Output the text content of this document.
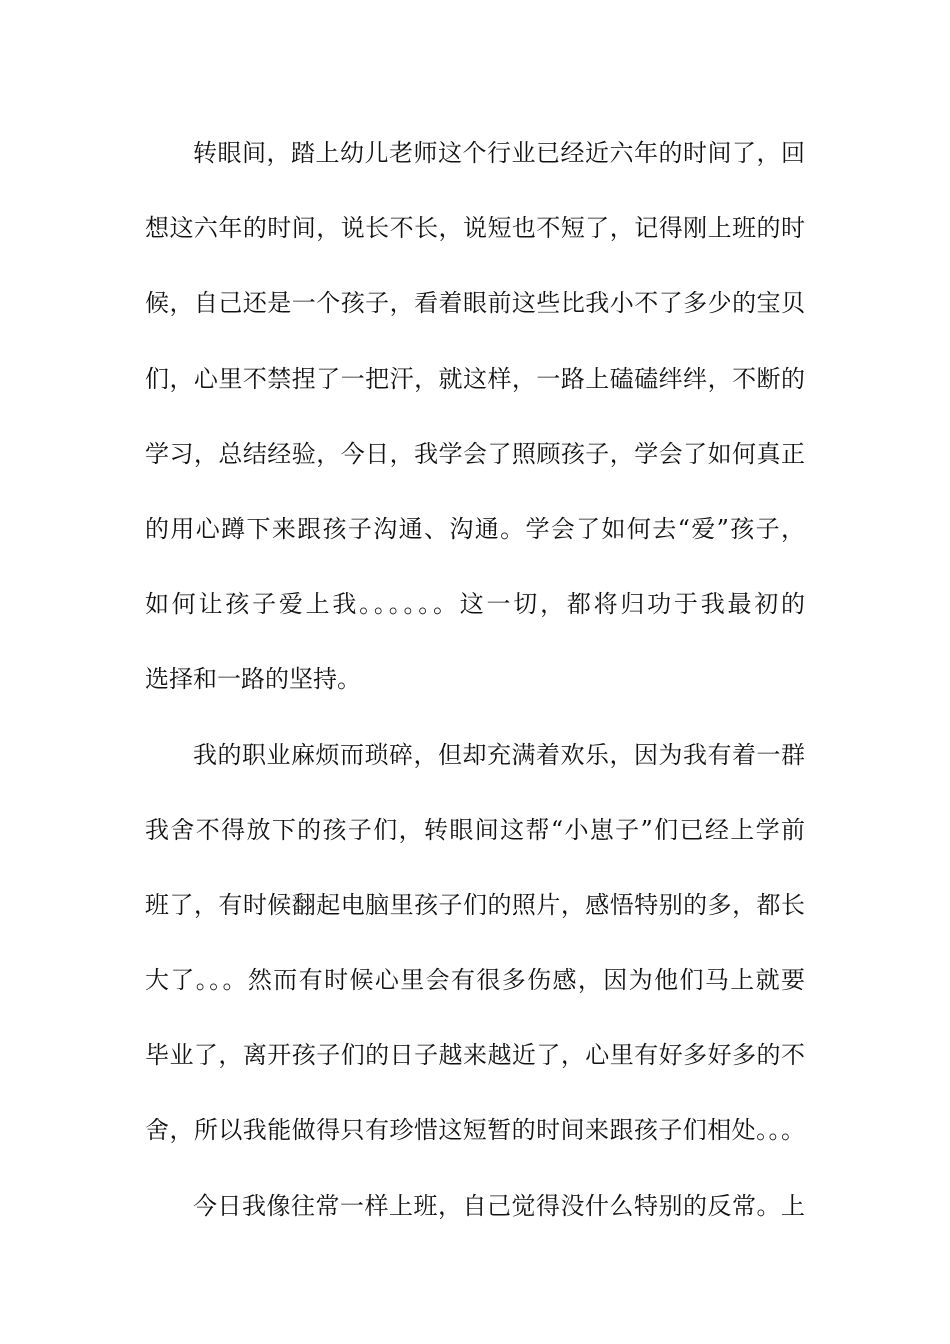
转眼间，踏上幼儿老师这个行业已经近六年的时间了，回
想这六年的时间，说长不长，说短也不短了，记得刚上班的时
候，自己还是一个孩子，看着眼前这些比我小不了多少的宝贝
们，心里不禁捏了一把汗，就这样，一路上磕磕绊绊，不断的
学习，总结经验，今日，我学会了照顾孩子，学会了如何真正
的用心蹲下来跟孩子沟通、沟通。学会了如何去“爱”孩子，
如何让孩子爱上我。。。。。。这一切，都将归功于我最初的
选择和一路的坚持。
我的职业麻烦而琐碎，但却充满着欢乐，因为我有着一群
我舍不得放下的孩子们，转眼间这帮“小崽子”们已经上学前
班了，有时候翻起电脑里孩子们的照片，感悟特别的多，都长
大了。。。然而有时候心里会有很多伤感，因为他们马上就要
毕业了，离开孩子们的日子越来越近了，心里有好多好多的不
舍，所以我能做得只有珍惜这短暂的时间来跟孩子们相处。。。
今日我像往常一样上班，自己觉得没什么特别的反常。上
